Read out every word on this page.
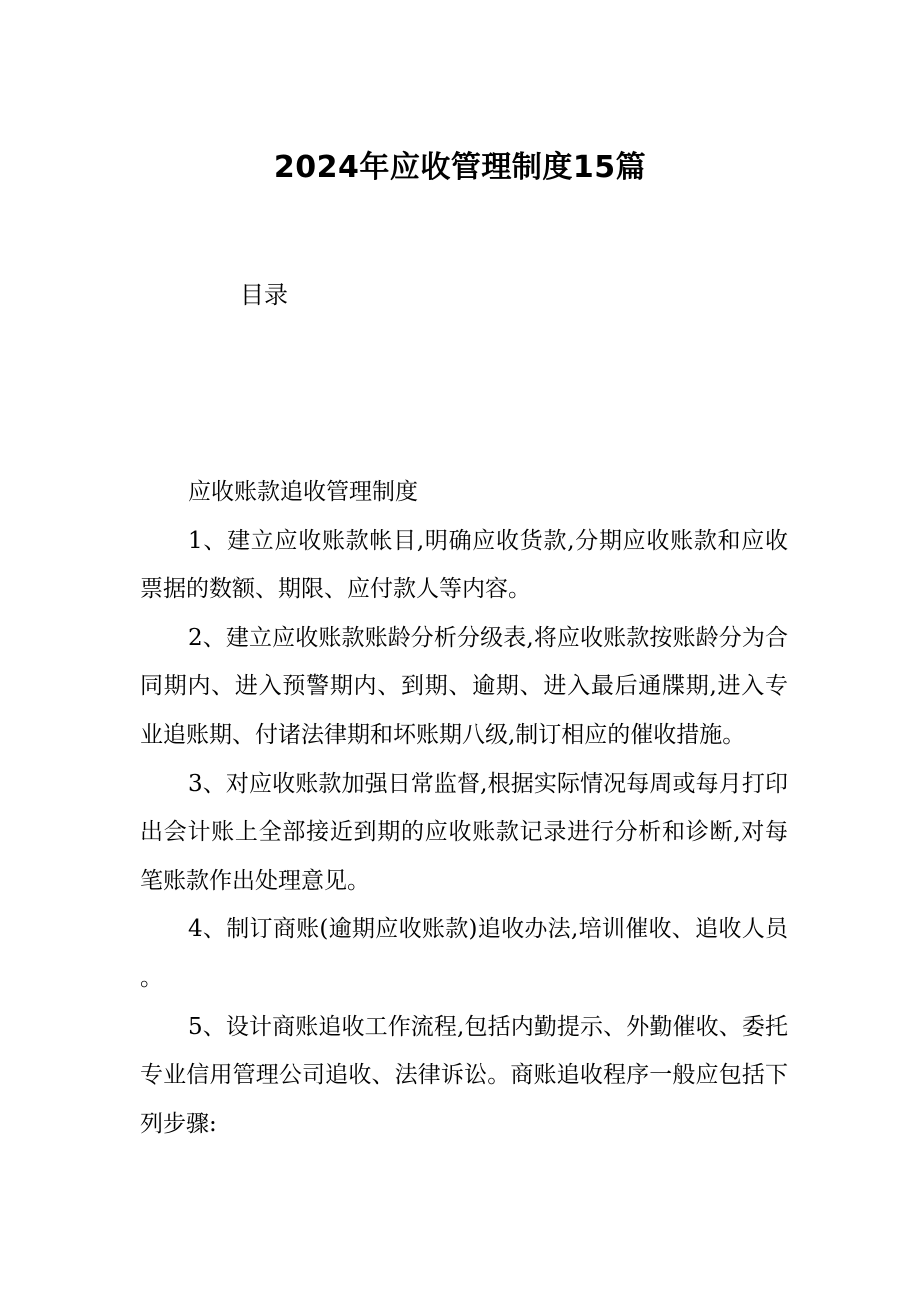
2024年应收管理制度15篇
目录

应收账款追收管理制度

1、建立应收账款帐目,明确应收货款,分期应收账款和应收票据的数额、期限、应付款人等内容。

2、建立应收账款账龄分析分级表,将应收账款按账龄分为合同期内、进入预警期内、到期、逾期、进入最后通牒期,进入专业追账期、付诸法律期和坏账期八级,制订相应的催收措施。

3、对应收账款加强日常监督,根据实际情况每周或每月打印出会计账上全部接近到期的应收账款记录进行分析和诊断,对每笔账款作出处理意见。

4、制订商账(逾期应收账款)追收办法,培训催收、追收人员。

5、设计商账追收工作流程,包括内勤提示、外勤催收、委托专业信用管理公司追收、法律诉讼。商账追收程序一般应包括下列步骤:
